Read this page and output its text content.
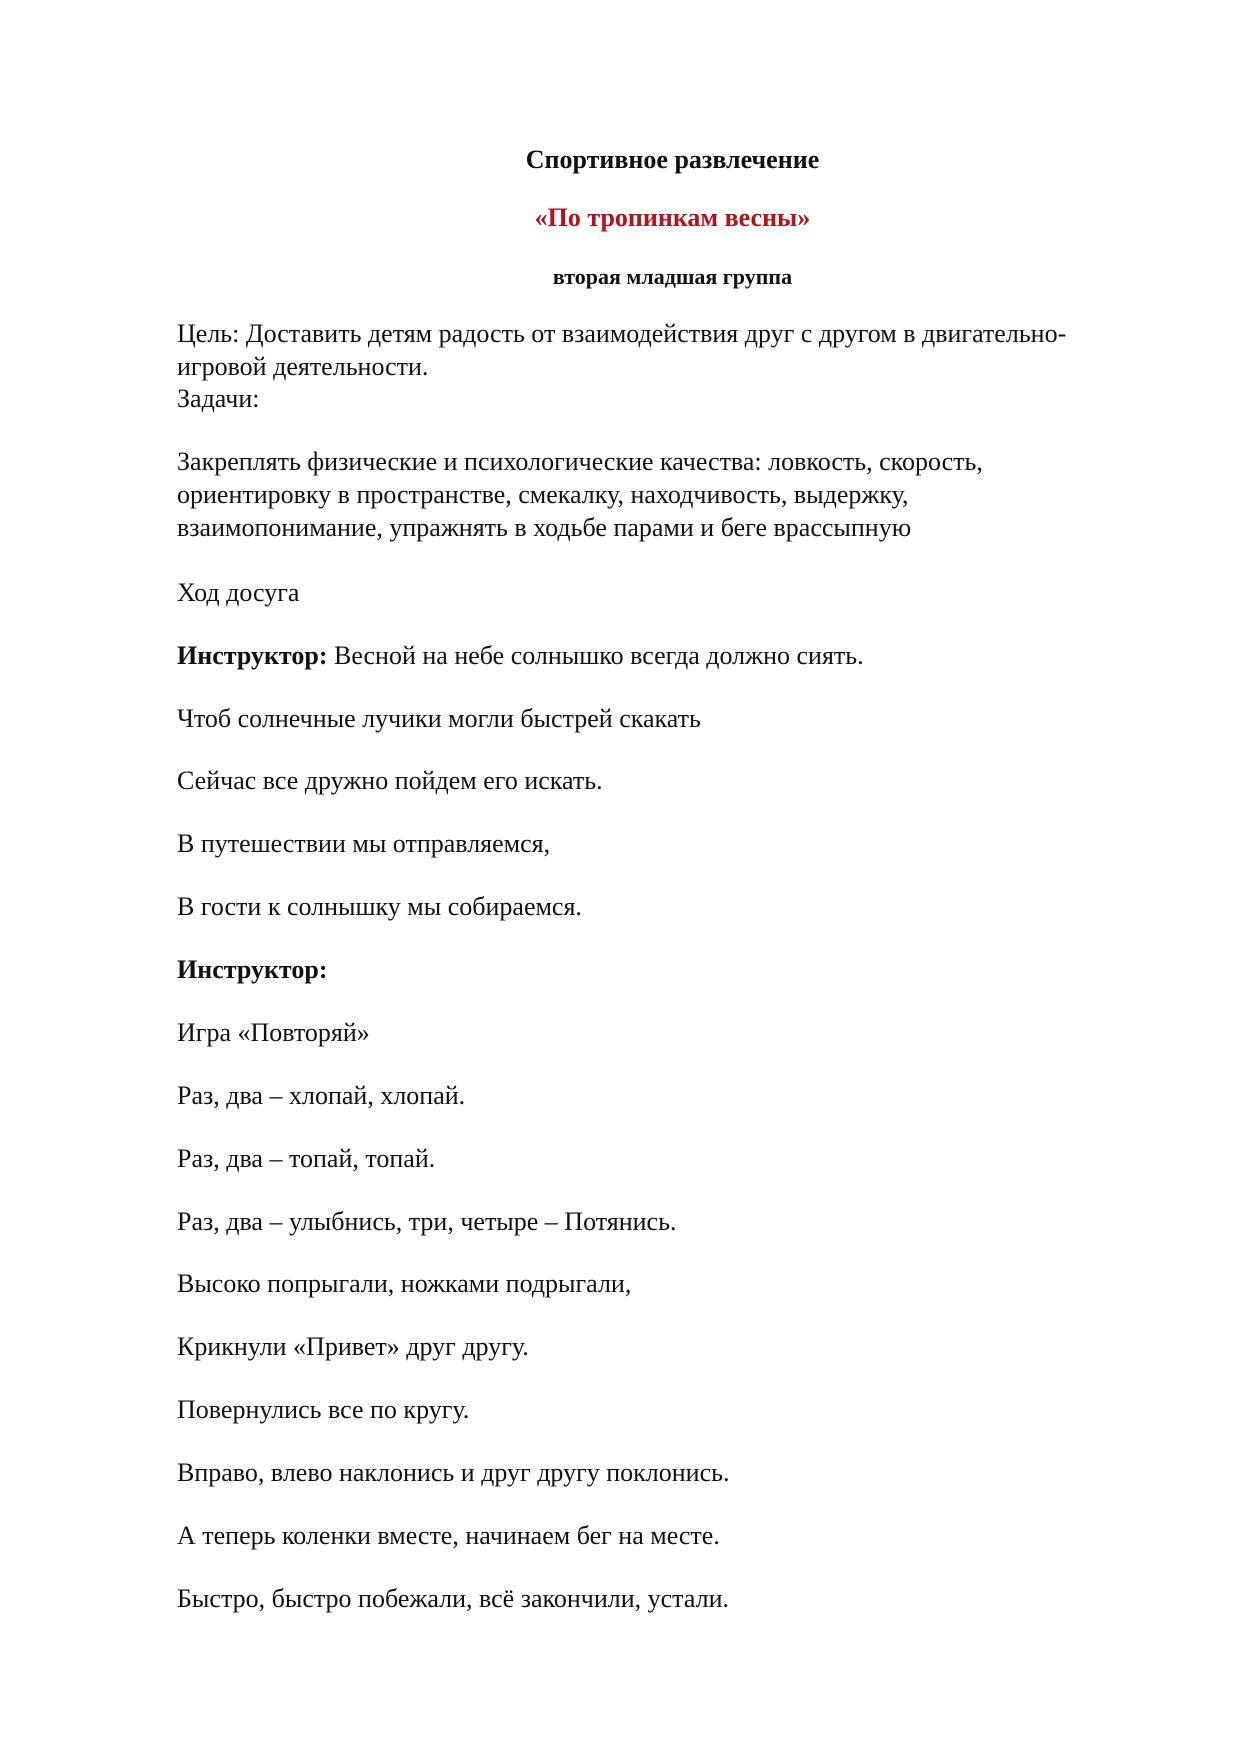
Спортивное развлечение

«По тропинкам весны»

вторая младшая группа

Цель: Доставить детям радость от взаимодействия друг с другом в двигательно-игровой деятельности.

Задачи:

Закреплять физические и психологические качества: ловкость, скорость, ориентировку в пространстве, смекалку, находчивость, выдержку, взаимопонимание, упражнять в ходьбе парами и беге врассыпную

Ход досуга

Инструктор: Весной на небе солнышко всегда должно сиять.

Чтоб солнечные лучики могли быстрей скакать

Сейчас все дружно пойдем его искать.

В путешествии мы отправляемся,

В гости к солнышку мы собираемся.

Инструктор:

Игра «Повторяй»

Раз, два – хлопай, хлопай.

Раз, два – топай, топай.

Раз, два – улыбнись, три, четыре – Потянись.

Высоко попрыгали, ножками подрыгали,

Крикнули «Привет» друг другу.

Повернулись все по кругу.

Вправо, влево наклонись и друг другу поклонись.

А теперь коленки вместе, начинаем бег на месте.

Быстро, быстро побежали, всё закончили, устали.
